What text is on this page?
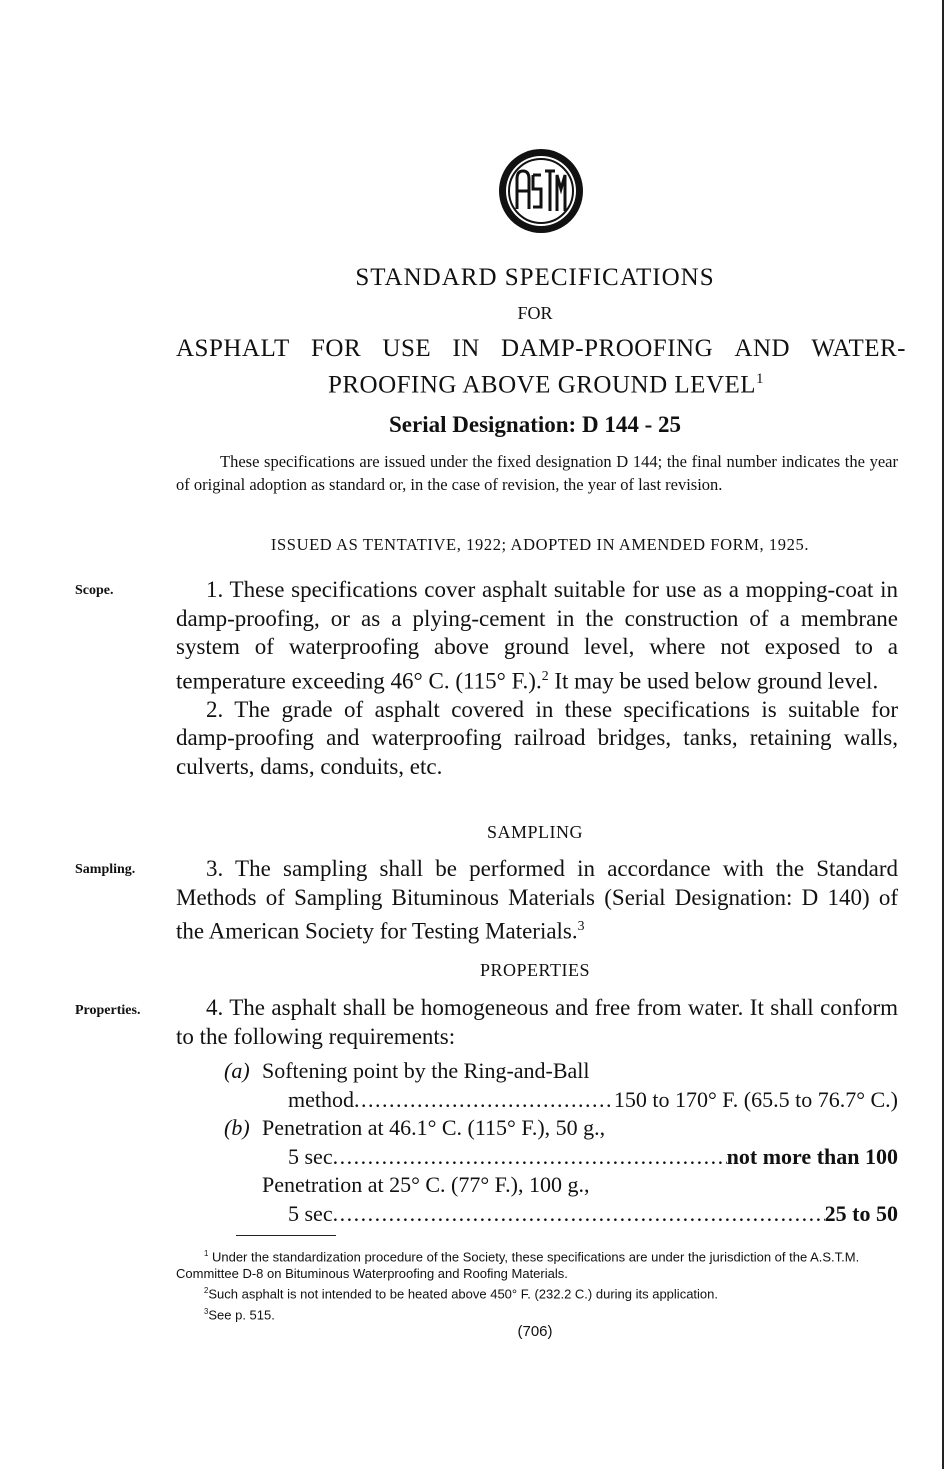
STANDARD SPECIFICATIONS
FOR
ASPHALT FOR USE IN DAMP-PROOFING AND WATER-
PROOFING ABOVE GROUND LEVEL$^1$
Serial Designation: D 144 - 25

These specifications are issued under the fixed designation D 144; the final number indicates the year of original adoption as standard or, in the case of revision, the year of last revision.

ISSUED AS TENTATIVE, 1922; ADOPTED IN AMENDED FORM, 1925.
Scope.	1. These specifications cover asphalt suitable for use as a mopping-coat in damp-proofing, or as a plying-cement in the construction of a membrane system of waterproofing above ground level, where not exposed to a temperature exceeding 46° C. (115° F.).$^2$ It may be used below ground level.

2. The grade of asphalt covered in these specifications is suitable for damp-proofing and waterproofing railroad bridges, tanks, retaining walls, culverts, dams, conduits, etc.

SAMPLING
Sampling.	3. The sampling shall be performed in accordance with the Standard Methods of Sampling Bituminous Materials (Serial Designation: D 140) of the American Society for Testing Materials.$^3$

PROPERTIES
Properties.	4. The asphalt shall be homogeneous and free from water. It shall conform to the following requirements:

(a) Softening point by the Ring-and-Ball
method . . .	150 to 170° F. (65.5 to 76.7° C.)
(b) Penetration at 46.1° C. (115° F.), 50 g.,
5 sec . . .	not more than 100
Penetration at 25° C. (77° F.), 100 g.,
5 sec . . .	25 to 50

$^1$ Under the standardization procedure of the Society, these specifications are under the jurisdiction of the A.S.T.M. Committee D-8 on Bituminous Waterproofing and Roofing Materials.

$^2$Such asphalt is not intended to be heated above 450° F. (232.2 C.) during its application.

$^3$See p. 515.

(706)
